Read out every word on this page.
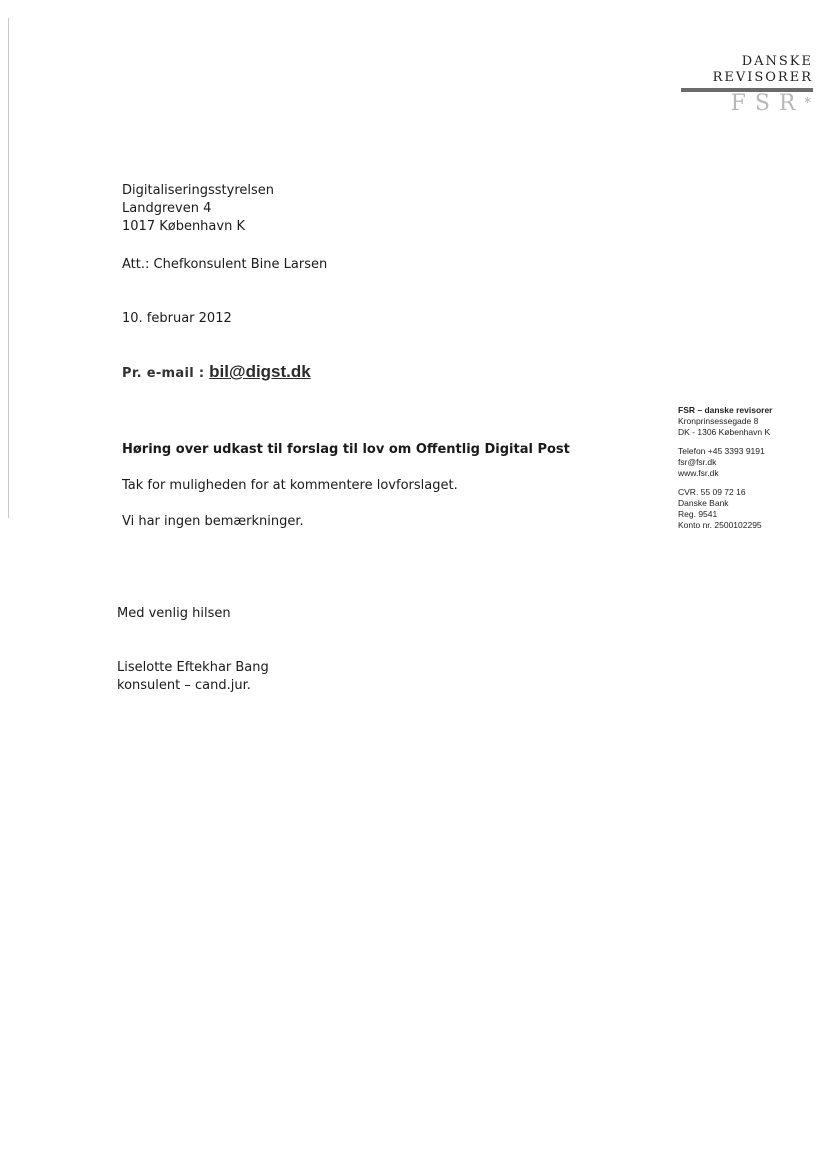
DANSKE
REVISORER
FSR*
Digitaliseringsstyrelsen
Landgreven 4
1017 København K
Att.: Chefkonsulent Bine Larsen
10. februar 2012
Pr. e-mail : bil@digst.dk
Høring over udkast til forslag til lov om Offentlig Digital Post
Tak for muligheden for at kommentere lovforslaget.
Vi har ingen bemærkninger.
Med venlig hilsen
Liselotte Eftekhar Bang
konsulent – cand.jur.
FSR – danske revisorer
Kronprinsessegade 8
DK - 1306 København K
Telefon +45 3393 9191
fsr@fsr.dk
www.fsr.dk
CVR. 55 09 72 16
Danske Bank
Reg. 9541
Konto nr. 2500102295
